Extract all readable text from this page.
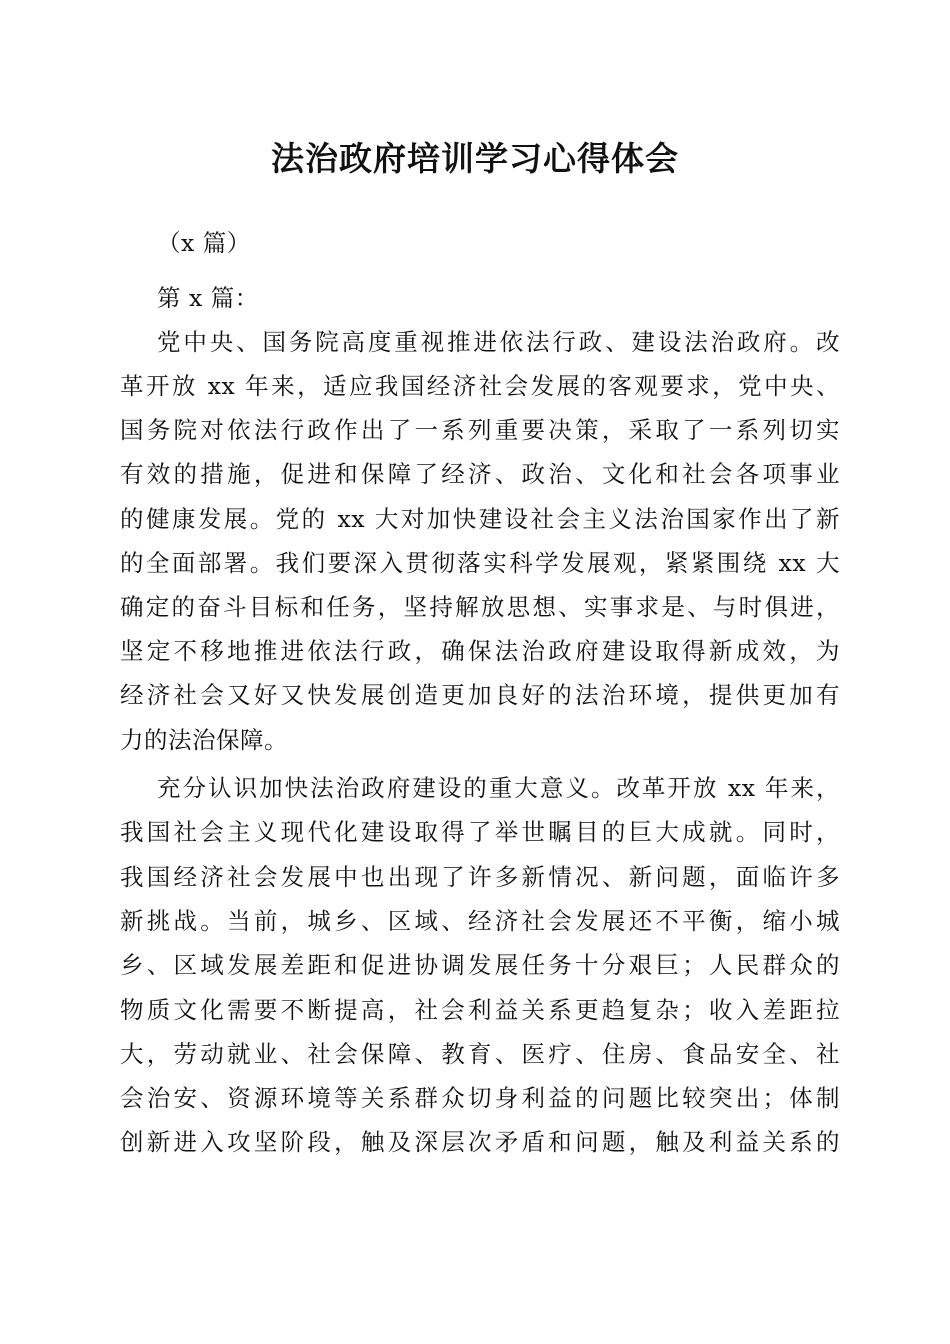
法治政府培训学习心得体会

（x 篇）

第 x 篇：

党中央、国务院高度重视推进依法行政、建设法治政府。改

革开放 xx 年来，适应我国经济社会发展的客观要求，党中央、

国务院对依法行政作出了一系列重要决策，采取了一系列切实

有效的措施，促进和保障了经济、政治、文化和社会各项事业

的健康发展。党的 xx 大对加快建设社会主义法治国家作出了新

的全面部署。我们要深入贯彻落实科学发展观，紧紧围绕 xx 大

确定的奋斗目标和任务，坚持解放思想、实事求是、与时俱进，

坚定不移地推进依法行政，确保法治政府建设取得新成效，为

经济社会又好又快发展创造更加良好的法治环境，提供更加有

力的法治保障。

充分认识加快法治政府建设的重大意义。改革开放 xx 年来，

我国社会主义现代化建设取得了举世瞩目的巨大成就。同时，

我国经济社会发展中也出现了许多新情况、新问题，面临许多

新挑战。当前，城乡、区域、经济社会发展还不平衡，缩小城

乡、区域发展差距和促进协调发展任务十分艰巨；人民群众的

物质文化需要不断提高，社会利益关系更趋复杂；收入差距拉

大，劳动就业、社会保障、教育、医疗、住房、食品安全、社

会治安、资源环境等关系群众切身利益的问题比较突出；体制

创新进入攻坚阶段，触及深层次矛盾和问题，触及利益关系的
